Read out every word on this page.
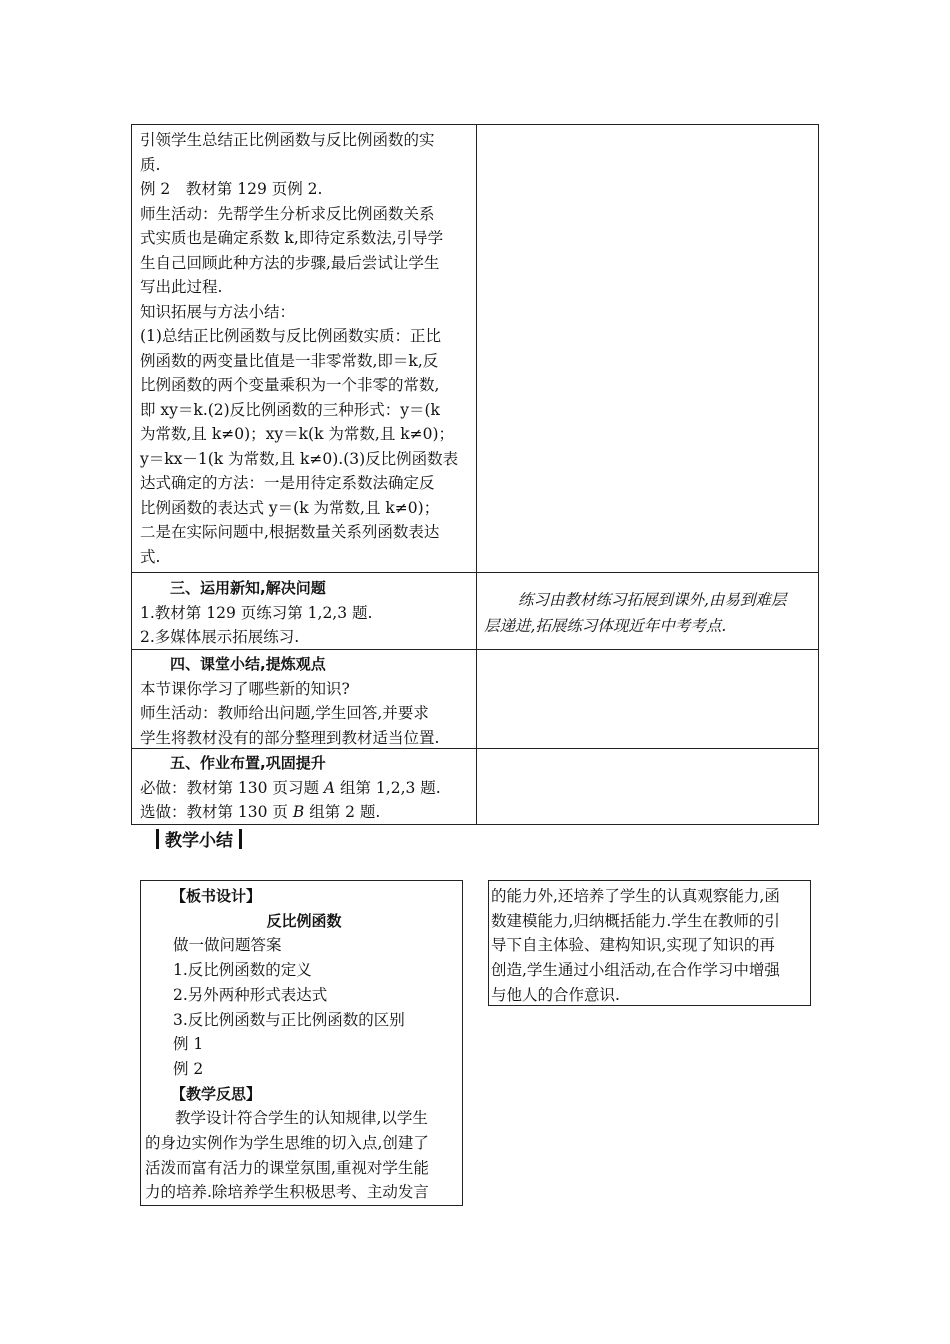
引领学生总结正比例函数与反比例函数的实

质.

例 2　教材第 129 页例 2.

师生活动：先帮学生分析求反比例函数关系

式实质也是确定系数 k,即待定系数法,引导学

生自己回顾此种方法的步骤,最后尝试让学生

写出此过程.

知识拓展与方法小结：

(1)总结正比例函数与反比例函数实质：正比

例函数的两变量比值是一非零常数,即＝k,反

比例函数的两个变量乘积为一个非零的常数,

即 xy＝k.(2)反比例函数的三种形式：y＝(k

为常数,且 k≠0)；xy＝k(k 为常数,且 k≠0)；

y＝kx－1(k 为常数,且 k≠0).(3)反比例函数表

达式确定的方法：一是用待定系数法确定反

比例函数的表达式 y＝(k 为常数,且 k≠0)；

二是在实际问题中,根据数量关系列函数表达

式.

三、运用新知,解决问题

1.教材第 129 页练习第 1,2,3 题.

2.多媒体展示拓展练习.

练习由教材练习拓展到课外,由易到难层

层递进,拓展练习体现近年中考考点.

四、课堂小结,提炼观点

本节课你学习了哪些新的知识?

师生活动：教师给出问题,学生回答,并要求

学生将教材没有的部分整理到教材适当位置.

五、作业布置,巩固提升

必做：教材第 130 页习题 A 组第 1,2,3 题.

选做：教材第 130 页 B 组第 2 题.

教学小结

【板书设计】

反比例函数

做一做问题答案

1.反比例函数的定义

2.另外两种形式表达式

3.反比例函数与正比例函数的区别

例 1

例 2

【教学反思】

教学设计符合学生的认知规律,以学生

的身边实例作为学生思维的切入点,创建了

活泼而富有活力的课堂氛围,重视对学生能

力的培养.除培养学生积极思考、主动发言

的能力外,还培养了学生的认真观察能力,函

数建模能力,归纳概括能力.学生在教师的引

导下自主体验、建构知识,实现了知识的再

创造,学生通过小组活动,在合作学习中增强

与他人的合作意识.
